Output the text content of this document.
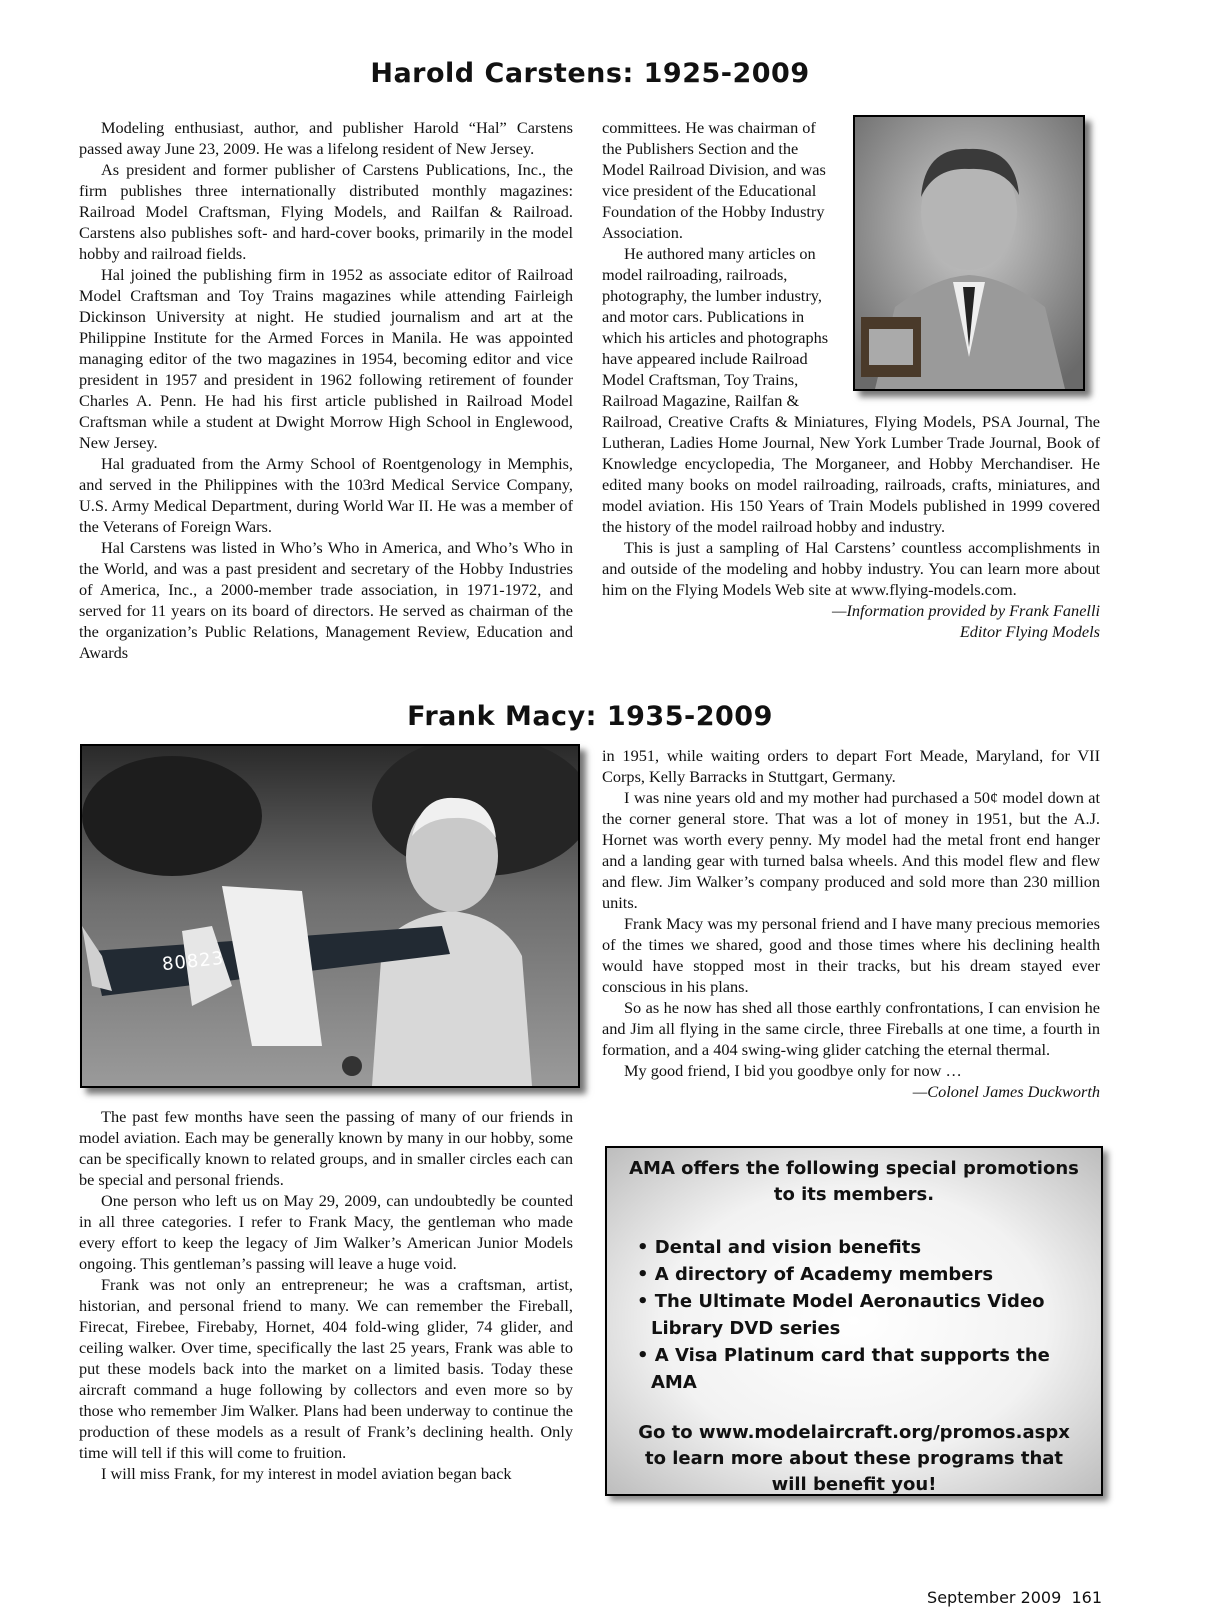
Harold Carstens: 1925-2009

Modeling enthusiast, author, and publisher Harold “Hal” Carstens passed away June 23, 2009. He was a lifelong resident of New Jersey.

As president and former publisher of Carstens Publications, Inc., the firm publishes three internationally distributed monthly magazines: Railroad Model Craftsman, Flying Models, and Railfan & Railroad. Carstens also publishes soft- and hard-cover books, primarily in the model hobby and railroad fields.

Hal joined the publishing firm in 1952 as associate editor of Railroad Model Craftsman and Toy Trains magazines while attending Fairleigh Dickinson University at night. He studied journalism and art at the Philippine Institute for the Armed Forces in Manila. He was appointed managing editor of the two magazines in 1954, becoming editor and vice president in 1957 and president in 1962 following retirement of founder Charles A. Penn. He had his first article published in Railroad Model Craftsman while a student at Dwight Morrow High School in Englewood, New Jersey.

Hal graduated from the Army School of Roentgenology in Memphis, and served in the Philippines with the 103rd Medical Service Company, U.S. Army Medical Department, during World War II. He was a member of the Veterans of Foreign Wars.

Hal Carstens was listed in Who’s Who in America, and Who’s Who in the World, and was a past president and secretary of the Hobby Industries of America, Inc., a 2000-member trade association, in 1971-1972, and served for 11 years on its board of directors. He served as chairman of the the organization’s Public Relations, Management Review, Education and Awards

committees. He was chairman of the Publishers Section and the Model Railroad Division, and was vice president of the Educational Foundation of the Hobby Industry Association.

He authored many articles on model railroading, railroads, photography, the lumber industry, and motor cars. Publications in which his articles and photographs have appeared include Railroad Model Craftsman, Toy Trains, Railroad Magazine, Railfan &

Railroad, Creative Crafts & Miniatures, Flying Models, PSA Journal, The Lutheran, Ladies Home Journal, New York Lumber Trade Journal, Book of Knowledge encyclopedia, The Morganeer, and Hobby Merchandiser. He edited many books on model railroading, railroads, crafts, miniatures, and model aviation. His 150 Years of Train Models published in 1999 covered the history of the model railroad hobby and industry.

This is just a sampling of Hal Carstens’ countless accomplishments in and outside of the modeling and hobby industry. You can learn more about him on the Flying Models Web site at www.flying-models.com.

—Information provided by Frank Fanelli
Editor Flying Models
Frank Macy: 1935-2009
80823

in 1951, while waiting orders to depart Fort Meade, Maryland, for VII Corps, Kelly Barracks in Stuttgart, Germany.

I was nine years old and my mother had purchased a 50¢ model down at the corner general store. That was a lot of money in 1951, but the A.J. Hornet was worth every penny. My model had the metal front end hanger and a landing gear with turned balsa wheels. And this model flew and flew and flew. Jim Walker’s company produced and sold more than 230 million units.

Frank Macy was my personal friend and I have many precious memories of the times we shared, good and those times where his declining health would have stopped most in their tracks, but his dream stayed ever conscious in his plans.

So as he now has shed all those earthly confrontations, I can envision he and Jim all flying in the same circle, three Fireballs at one time, a fourth in formation, and a 404 swing-wing glider catching the eternal thermal.

My good friend, I bid you goodbye only for now …

—Colonel James Duckworth

The past few months have seen the passing of many of our friends in model aviation. Each may be generally known by many in our hobby, some can be specifically known to related groups, and in smaller circles each can be special and personal friends.

One person who left us on May 29, 2009, can undoubtedly be counted in all three categories. I refer to Frank Macy, the gentleman who made every effort to keep the legacy of Jim Walker’s American Junior Models ongoing. This gentleman’s passing will leave a huge void.

Frank was not only an entrepreneur; he was a craftsman, artist, historian, and personal friend to many. We can remember the Fireball, Firecat, Firebee, Firebaby, Hornet, 404 fold-wing glider, 74 glider, and ceiling walker. Over time, specifically the last 25 years, Frank was able to put these models back into the market on a limited basis. Today these aircraft command a huge following by collectors and even more so by those who remember Jim Walker. Plans had been underway to continue the production of these models as a result of Frank’s declining health. Only time will tell if this will come to fruition.

I will miss Frank, for my interest in model aviation began back

AMA offers the following special promotions to its members.
• Dental and vision benefits
• A directory of Academy members
• The Ultimate Model Aeronautics Video Library DVD series
• A Visa Platinum card that supports the AMA
Go to www.modelaircraft.org/promos.aspx to learn more about these programs that will benefit you!
September 2009  161
